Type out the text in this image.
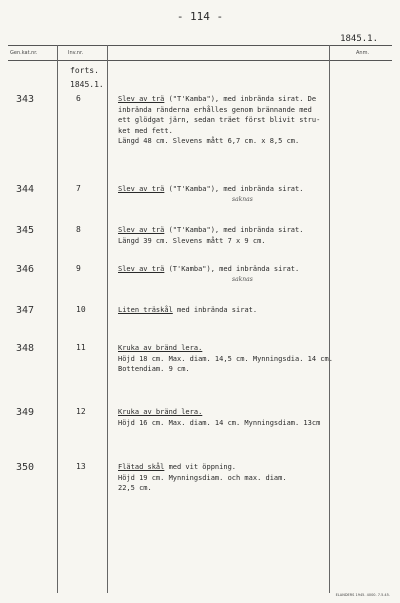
- 114 -
1845.1.
Gen.kat.nr.	Inv.nr.	Anm.
forts.
1845.1.
343	6	Slev av trä ("T'Kamba"), med inbrända sirat. De
inbrända ränderna erhålles genom brännande med
ett glödgat järn, sedan träet först blivit stru-
ket med fett.
Längd 48 cm. Slevens mått 6,7 cm. x 8,5 cm.
344	7	Slev av trä ("T'Kamba"), med inbrända sirat.
saknas
345	8	Slev av trä ("T'Kamba"), med inbrända sirat.
Längd 39 cm. Slevens mått 7 x 9 cm.
346	9	Slev av trä (T'Kamba"), med inbrända sirat.
saknas
347	10	Liten träskål med inbrända sirat.
348	11	Kruka av bränd lera.
Höjd 18 cm. Max. diam. 14,5 cm. Mynningsdia. 14 cm.
Bottendiam. 9 cm.
349	12	Kruka av bränd lera.
Höjd 16 cm. Max. diam. 14 cm. Mynningsdiam. 13cm
350	13	Flätad skål med vit öppning.
Höjd 19 cm. Mynningsdiam. och max. diam.
22,5 cm.
ELANDERS 1945. 4000. 7.5.45.
